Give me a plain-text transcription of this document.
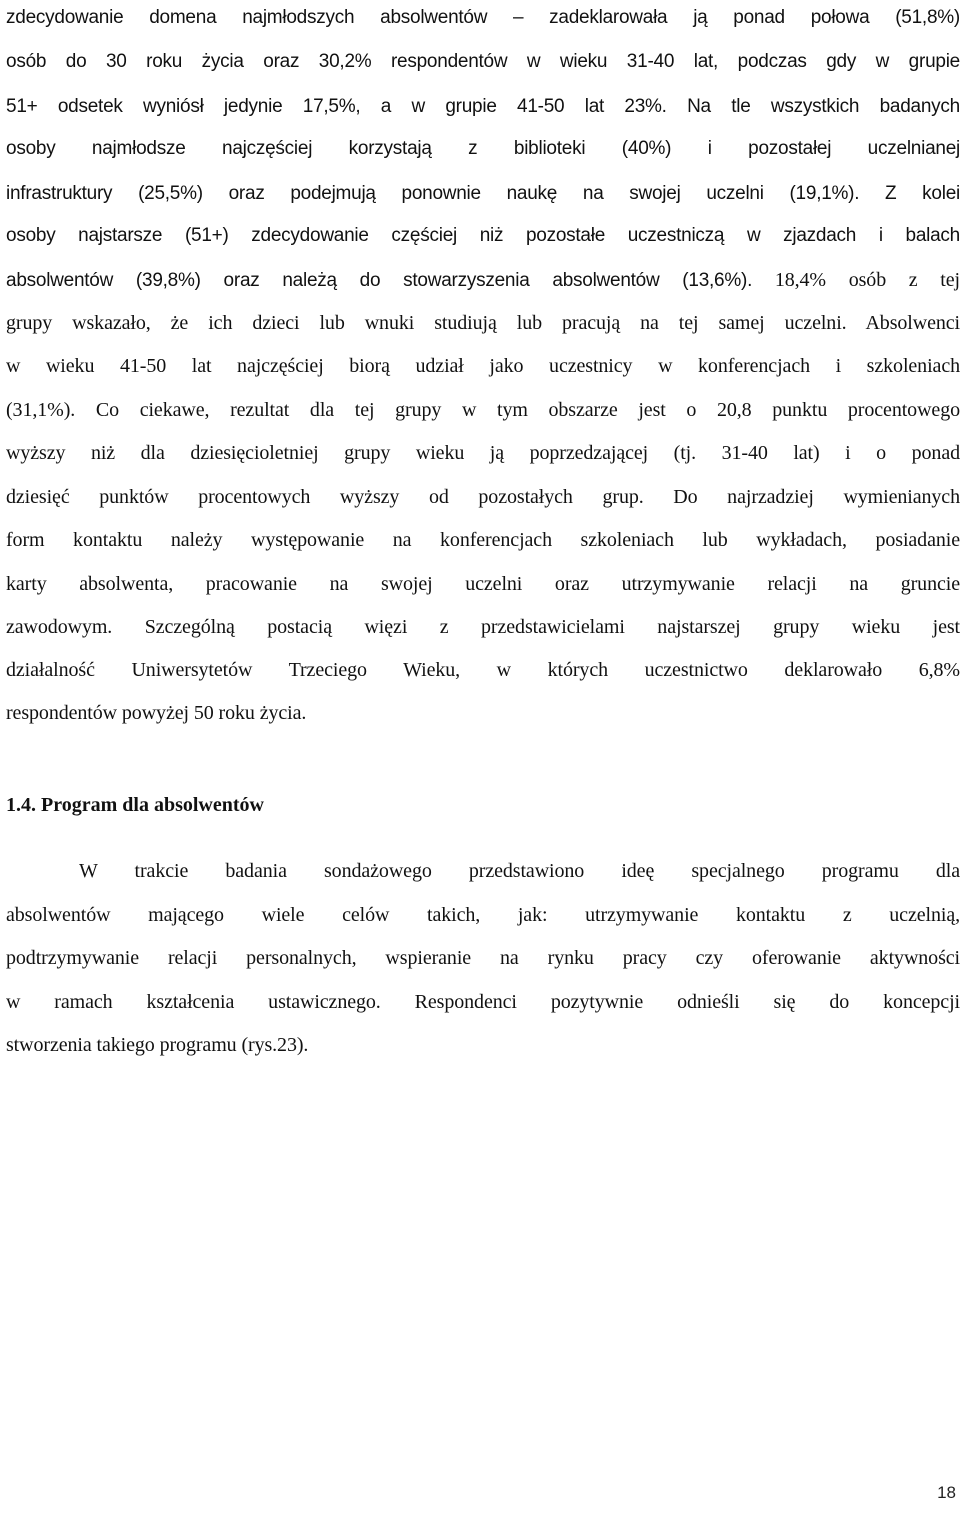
zdecydowanie domena najmłodszych absolwentów – zadeklarowała ją ponad połowa (51,8%)
osób do 30 roku życia oraz 30,2% respondentów w wieku 31-40 lat, podczas gdy w grupie
51+ odsetek wyniósł jedynie 17,5%, a w grupie 41-50 lat 23%. Na tle wszystkich badanych
osoby najmłodsze najczęściej korzystają z biblioteki (40%) i pozostałej uczelnianej
infrastruktury (25,5%) oraz podejmują ponownie naukę na swojej uczelni (19,1%). Z kolei
osoby najstarsze (51+) zdecydowanie częściej niż pozostałe uczestniczą w zjazdach i balach
absolwentów (39,8%) oraz należą do stowarzyszenia absolwentów (13,6%). 18,4% osób z tej
grupy wskazało, że ich dzieci lub wnuki studiują lub pracują na tej samej uczelni. Absolwenci
w wieku 41-50 lat najczęściej biorą udział jako uczestnicy w konferencjach i szkoleniach
(31,1%). Co ciekawe, rezultat dla tej grupy w tym obszarze jest o 20,8 punktu procentowego
wyższy niż dla dziesięcioletniej grupy wieku ją poprzedzającej (tj. 31-40 lat) i o ponad
dziesięć punktów procentowych wyższy od pozostałych grup. Do najrzadziej wymienianych
form kontaktu należy występowanie na konferencjach szkoleniach lub wykładach, posiadanie
karty absolwenta, pracowanie na swojej uczelni oraz utrzymywanie relacji na gruncie
zawodowym. Szczególną postacią więzi z przedstawicielami najstarszej grupy wieku jest
działalność Uniwersytetów Trzeciego Wieku, w których uczestnictwo deklarowało 6,8%
respondentów powyżej 50 roku życia.
1.4. Program dla absolwentów
W trakcie badania sondażowego przedstawiono ideę specjalnego programu dla
absolwentów mającego wiele celów takich, jak: utrzymywanie kontaktu z uczelnią,
podtrzymywanie relacji personalnych, wspieranie na rynku pracy czy oferowanie aktywności
w ramach kształcenia ustawicznego. Respondenci pozytywnie odnieśli się do koncepcji
stworzenia takiego programu (rys.23).
18
